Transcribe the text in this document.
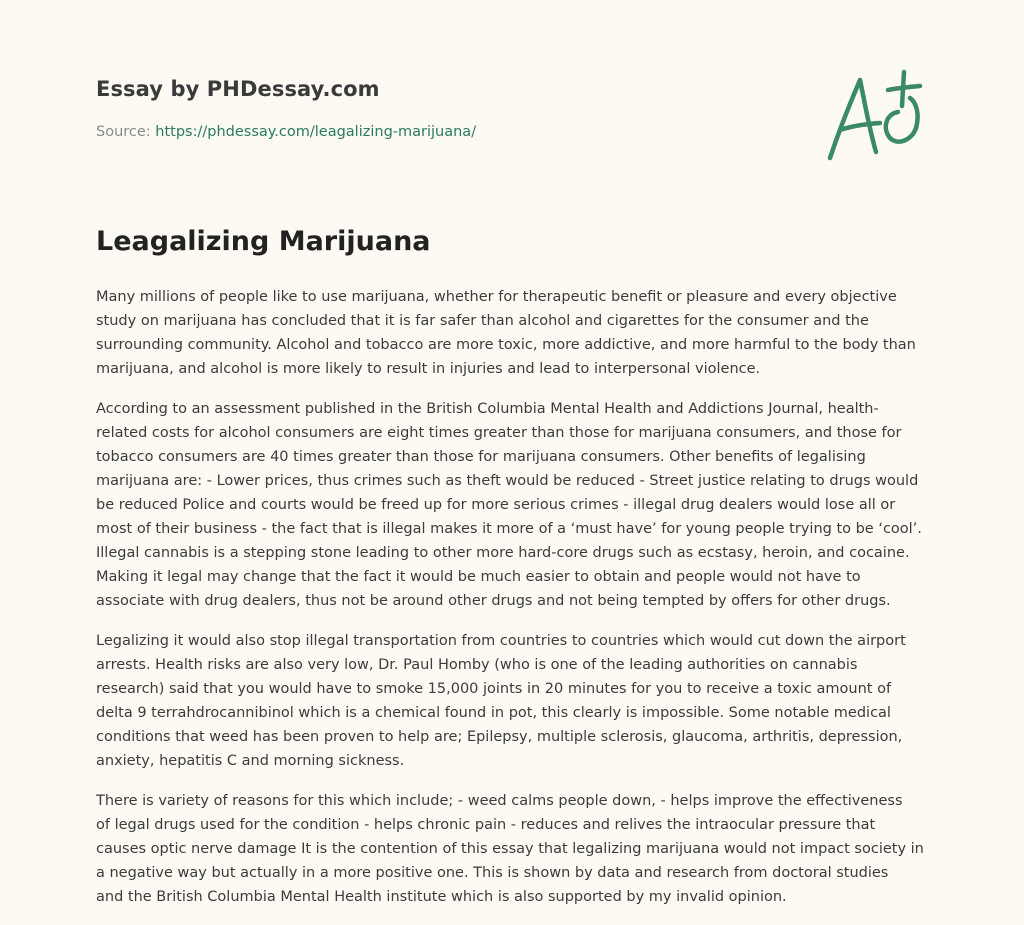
Essay by PHDessay.com
Source: https://phdessay.com/leagalizing-marijuana/
Leagalizing Marijuana

Many millions of people like to use marijuana, whether for therapeutic benefit or pleasure and every objective
study on marijuana has concluded that it is far safer than alcohol and cigarettes for the consumer and the
surrounding community. Alcohol and tobacco are more toxic, more addictive, and more harmful to the body than
marijuana, and alcohol is more likely to result in injuries and lead to interpersonal violence.

According to an assessment published in the British Columbia Mental Health and Addictions Journal, health-
related costs for alcohol consumers are eight times greater than those for marijuana consumers, and those for
tobacco consumers are 40 times greater than those for marijuana consumers. Other benefits of legalising
marijuana are: - Lower prices, thus crimes such as theft would be reduced - Street justice relating to drugs would
be reduced Police and courts would be freed up for more serious crimes - illegal drug dealers would lose all or
most of their business - the fact that is illegal makes it more of a ‘must have’ for young people trying to be ‘cool’.
Illegal cannabis is a stepping stone leading to other more hard-core drugs such as ecstasy, heroin, and cocaine.
Making it legal may change that the fact it would be much easier to obtain and people would not have to
associate with drug dealers, thus not be around other drugs and not being tempted by offers for other drugs.

Legalizing it would also stop illegal transportation from countries to countries which would cut down the airport
arrests. Health risks are also very low, Dr. Paul Homby (who is one of the leading authorities on cannabis
research) said that you would have to smoke 15,000 joints in 20 minutes for you to receive a toxic amount of
delta 9 terrahdrocannibinol which is a chemical found in pot, this clearly is impossible. Some notable medical
conditions that weed has been proven to help are; Epilepsy, multiple sclerosis, glaucoma, arthritis, depression,
anxiety, hepatitis C and morning sickness.

There is variety of reasons for this which include; - weed calms people down, - helps improve the effectiveness
of legal drugs used for the condition - helps chronic pain - reduces and relives the intraocular pressure that
causes optic nerve damage It is the contention of this essay that legalizing marijuana would not impact society in
a negative way but actually in a more positive one. This is shown by data and research from doctoral studies
and the British Columbia Mental Health institute which is also supported by my invalid opinion.
